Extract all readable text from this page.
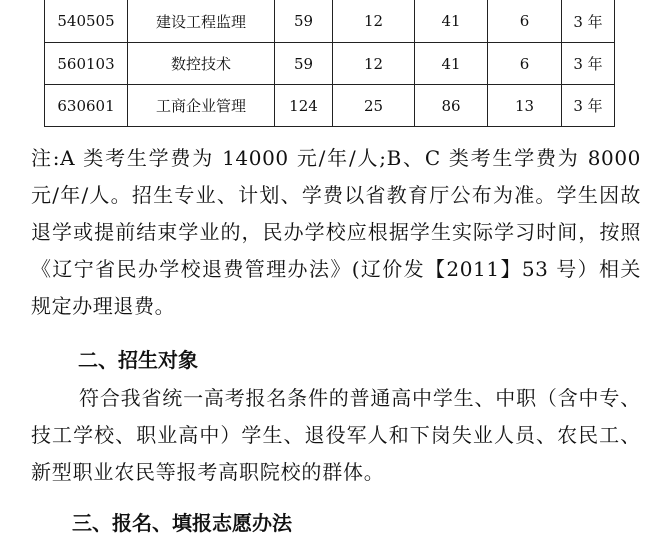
540505	建设工程监理	59	12	41	6	3 年
560103	数控技术	59	12	41	6	3 年
630601	工商企业管理	124	25	86	13	3 年

注:A 类考生学费为 14000 元/年/人;B、C 类考生学费为 8000 元/年/人。招生专业、计划、学费以省教育厅公布为准。学生因故退学或提前结束学业的，民办学校应根据学生实际学习时间，按照《辽宁省民办学校退费管理办法》(辽价发【2011】53 号）相关规定办理退费。

二、招生对象

符合我省统一高考报名条件的普通高中学生、中职（含中专、技工学校、职业高中）学生、退役军人和下岗失业人员、农民工、新型职业农民等报考高职院校的群体。

三、报名、填报志愿办法
